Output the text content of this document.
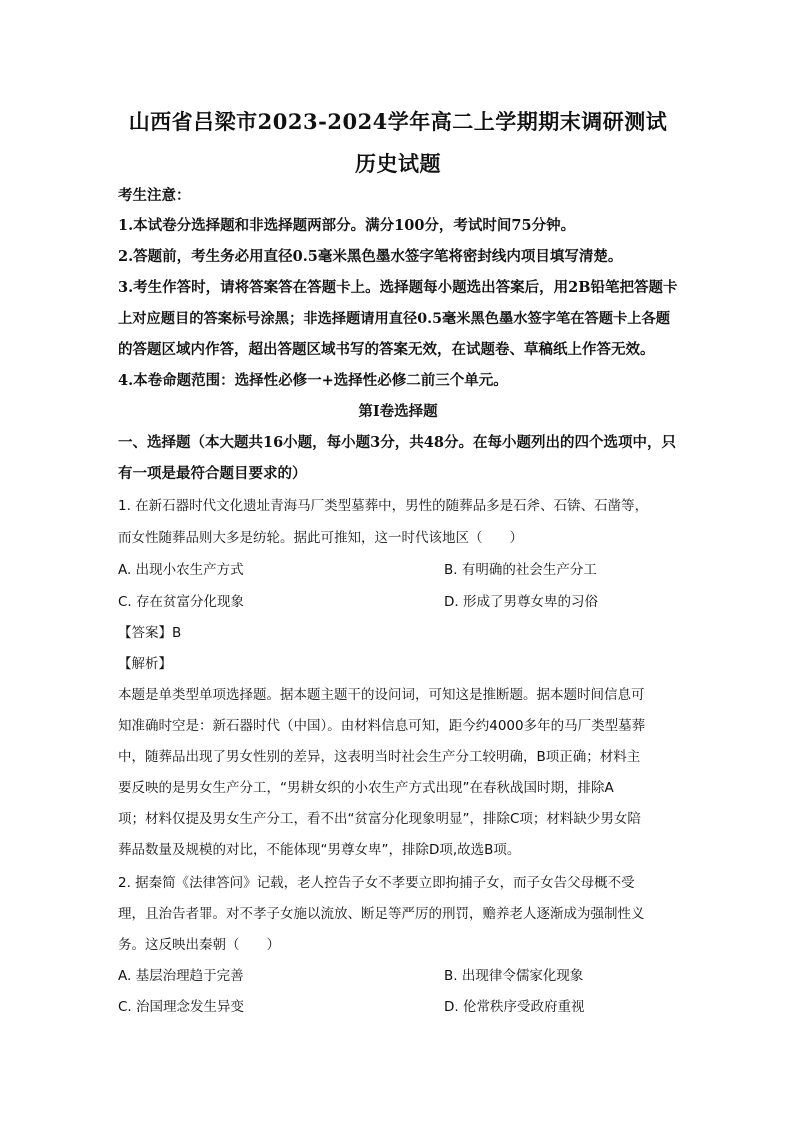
山西省吕梁市2023-2024学年高二上学期期末调研测试
历史试题
考生注意：
1.本试卷分选择题和非选择题两部分。满分100分，考试时间75分钟。
2.答题前，考生务必用直径0.5毫米黑色墨水签字笔将密封线内项目填写清楚。
3.考生作答时，请将答案答在答题卡上。选择题每小题选出答案后，用2B铅笔把答题卡
上对应题目的答案标号涂黑；非选择题请用直径0.5毫米黑色墨水签字笔在答题卡上各题
的答题区域内作答，超出答题区域书写的答案无效，在试题卷、草稿纸上作答无效。
4.本卷命题范围：选择性必修一+选择性必修二前三个单元。
第Ⅰ卷选择题
一、选择题（本大题共16小题，每小题3分，共48分。在每小题列出的四个选项中，只
有一项是最符合题目要求的）
1. 在新石器时代文化遗址青海马厂类型墓葬中，男性的随葬品多是石斧、石锛、石凿等，
而女性随葬品则大多是纺轮。据此可推知，这一时代该地区（　　）
A. 出现小农生产方式	B. 有明确的社会生产分工
C. 存在贫富分化现象	D. 形成了男尊女卑的习俗
【答案】B
【解析】
本题是单类型单项选择题。据本题主题干的设问词，可知这是推断题。据本题时间信息可
知准确时空是：新石器时代（中国）。由材料信息可知，距今约4000多年的马厂类型墓葬
中，随葬品出现了男女性别的差异，这表明当时社会生产分工较明确，B项正确；材料主
要反映的是男女生产分工，“男耕女织的小农生产方式出现”在春秋战国时期，排除A
项；材料仅提及男女生产分工，看不出“贫富分化现象明显”，排除C项；材料缺少男女陪
葬品数量及规模的对比，不能体现“男尊女卑”，排除D项,故选B项。
2. 据秦简《法律答问》记载，老人控告子女不孝要立即拘捕子女，而子女告父母概不受
理，且治告者罪。对不孝子女施以流放、断足等严厉的刑罚，赡养老人逐渐成为强制性义
务。这反映出秦朝（　　）
A. 基层治理趋于完善	B. 出现律令儒家化现象
C. 治国理念发生异变	D. 伦常秩序受政府重视
